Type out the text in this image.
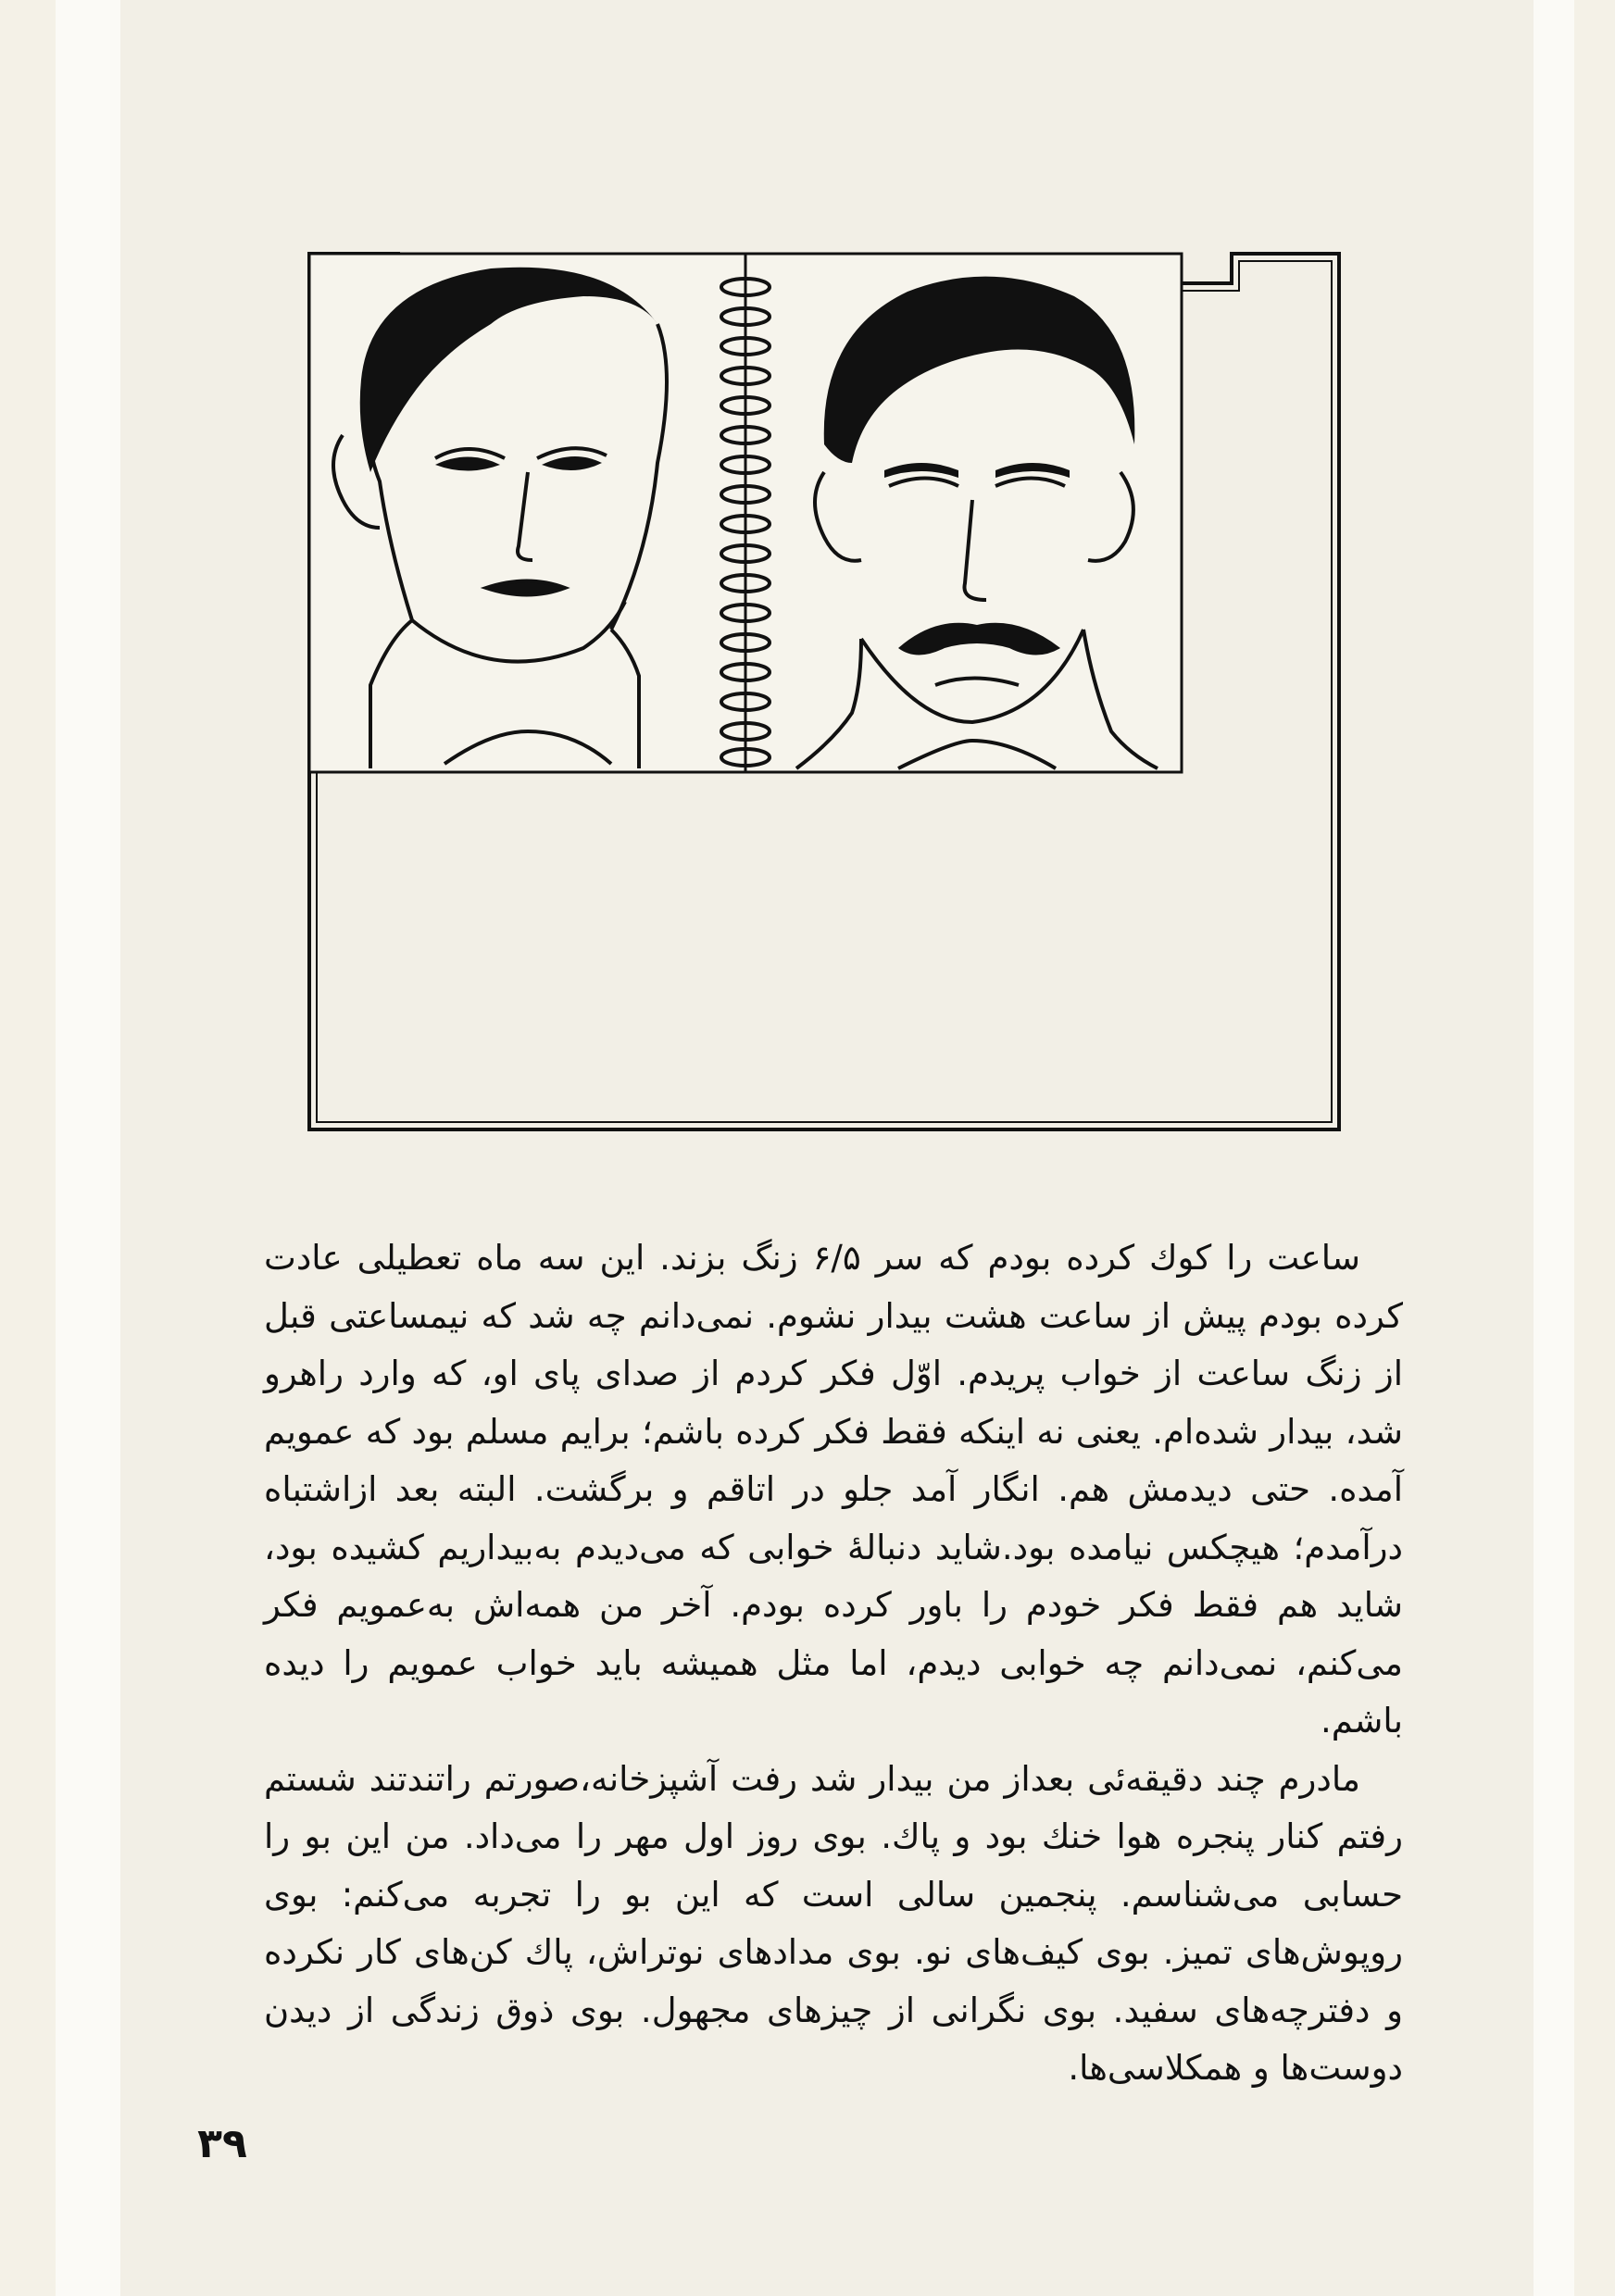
ساعت را کوك کرده بودم که سر ۶/۵ زنگ بزند. این سه ماه تعطیلی عادت کرده بودم پیش از ساعت هشت بیدار نشوم. نمی‌دانم چه شد که نیمساعتی قبل از زنگ ساعت از خواب پریدم. اوّل فکر کردم از صدای پای او، که وارد راهرو شد، بیدار شده‌ام. یعنی نه اینکه فقط فکر کرده باشم؛ برایم مسلم بود که عمویم آمده. حتی دیدمش هم. انگار آمد جلو در اتاقم و برگشت. البته بعد ازاشتباه درآمدم؛ هیچکس نیامده بود.شاید دنبالهٔ خوابی که می‌دیدم به‌بیداریم کشیده بود، شاید هم فقط فکر خودم را باور کرده بودم. آخر من همه‌اش به‌عمویم فکر می‌کنم، نمی‌دانم چه خوابی دیدم، اما مثل همیشه باید خواب عمویم را دیده باشم.

مادرم چند دقیقه‌ئی بعداز من بیدار شد رفت آشپزخانه،صورتم راتندتند شستم رفتم کنار پنجره هوا خنك بود و پاك. بوی روز اول مهر را می‌داد. من این بو را حسابی می‌شناسم. پنجمین سالی است که این بو را تجربه می‌کنم: بوی روپوش‌های تمیز. بوی کیف‌های نو. بوی مدادهای نوتراش، پاك کن‌های کار نکرده و دفترچه‌های سفید. بوی نگرانی از چیزهای مجهول. بوی ذوق زندگی از دیدن دوست‌ها و همکلاسی‌ها.

۳۹
